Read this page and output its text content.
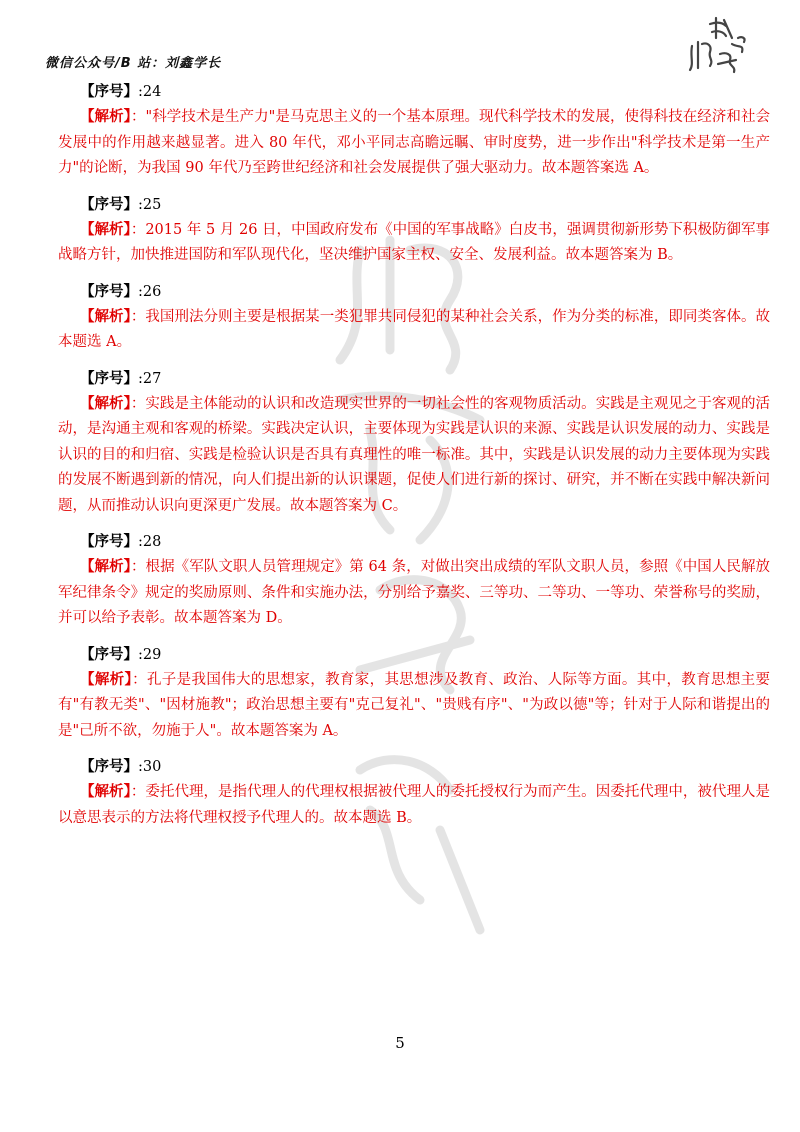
微信公众号/B 站：刘鑫学长
【序号】:24

【解析】："科学技术是生产力"是马克思主义的一个基本原理。现代科学技术的发展，使得科技在经济和社会发展中的作用越来越显著。进入 80 年代，邓小平同志高瞻远瞩、审时度势，进一步作出"科学技术是第一生产力"的论断，为我国 90 年代乃至跨世纪经济和社会发展提供了强大驱动力。故本题答案选 A。

【序号】:25

【解析】：2015 年 5 月 26 日，中国政府发布《中国的军事战略》白皮书，强调贯彻新形势下积极防御军事战略方针，加快推进国防和军队现代化，坚决维护国家主权、安全、发展利益。故本题答案为 B。

【序号】:26

【解析】：我国刑法分则主要是根据某一类犯罪共同侵犯的某种社会关系，作为分类的标准，即同类客体。故本题选 A。

【序号】:27

【解析】：实践是主体能动的认识和改造现实世界的一切社会性的客观物质活动。实践是主观见之于客观的活动，是沟通主观和客观的桥梁。实践决定认识，主要体现为实践是认识的来源、实践是认识发展的动力、实践是认识的目的和归宿、实践是检验认识是否具有真理性的唯一标准。其中，实践是认识发展的动力主要体现为实践的发展不断遇到新的情况，向人们提出新的认识课题，促使人们进行新的探讨、研究，并不断在实践中解决新问题，从而推动认识向更深更广发展。故本题答案为 C。

【序号】:28

【解析】：根据《军队文职人员管理规定》第 64 条，对做出突出成绩的军队文职人员，参照《中国人民解放军纪律条令》规定的奖励原则、条件和实施办法，分别给予嘉奖、三等功、二等功、一等功、荣誉称号的奖励，并可以给予表彰。故本题答案为 D。

【序号】:29

【解析】：孔子是我国伟大的思想家，教育家，其思想涉及教育、政治、人际等方面。其中，教育思想主要有"有教无类"、"因材施教"；政治思想主要有"克己复礼"、"贵贱有序"、"为政以德"等；针对于人际和谐提出的是"己所不欲，勿施于人"。故本题答案为 A。

【序号】:30

【解析】：委托代理，是指代理人的代理权根据被代理人的委托授权行为而产生。因委托代理中，被代理人是以意思表示的方法将代理权授予代理人的。故本题选 B。

5
